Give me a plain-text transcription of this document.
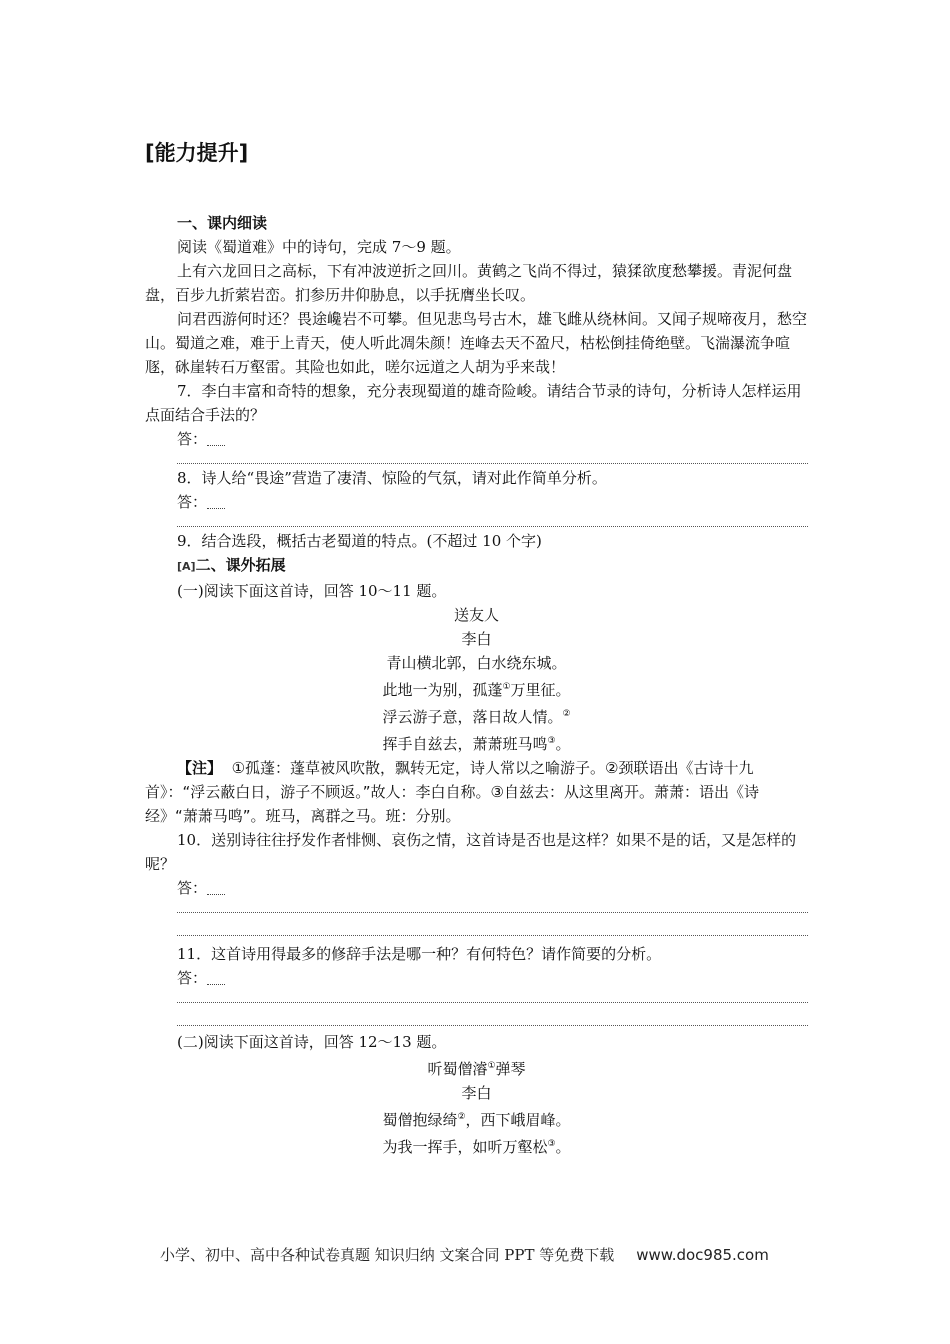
[能力提升]

一、课内细读

阅读《蜀道难》中的诗句，完成 7～9 题。

上有六龙回日之高标，下有冲波逆折之回川。黄鹤之飞尚不得过，猿猱欲度愁攀援。青泥何盘盘，百步九折萦岩峦。扪参历井仰胁息，以手抚膺坐长叹。

问君西游何时还？畏途巉岩不可攀。但见悲鸟号古木，雄飞雌从绕林间。又闻子规啼夜月，愁空山。蜀道之难，难于上青天，使人听此凋朱颜！连峰去天不盈尺，枯松倒挂倚绝壁。飞湍瀑流争喧豗，砯崖转石万壑雷。其险也如此，嗟尔远道之人胡为乎来哉！

7．李白丰富和奇特的想象，充分表现蜀道的雄奇险峻。请结合节录的诗句，分析诗人怎样运用点面结合手法的？

答：

8．诗人给“畏途”营造了凄清、惊险的气氛，请对此作简单分析。

答：

9．结合选段，概括古老蜀道的特点。(不超过 10 个字)

[A]二、课外拓展

(一)阅读下面这首诗，回答 10～11 题。

送友人

李白

青山横北郭，白水绕东城。

此地一为别，孤蓬①万里征。

浮云游子意，落日故人情。②

挥手自兹去，萧萧班马鸣③。

【注】 ①孤蓬：蓬草被风吹散，飘转无定，诗人常以之喻游子。②颈联语出《古诗十九首》：“浮云蔽白日，游子不顾返。”故人：李白自称。③自兹去：从这里离开。萧萧：语出《诗经》“萧萧马鸣”。班马，离群之马。班：分别。

10．送别诗往往抒发作者悱恻、哀伤之情，这首诗是否也是这样？如果不是的话，又是怎样的呢？

答：

11．这首诗用得最多的修辞手法是哪一种？有何特色？请作简要的分析。

答：

(二)阅读下面这首诗，回答 12～13 题。

听蜀僧濬①弹琴

李白

蜀僧抱绿绮②，西下峨眉峰。

为我一挥手，如听万壑松③。

小学、初中、高中各种试卷真题 知识归纳 文案合同 PPT 等免费下载 www.doc985.com
